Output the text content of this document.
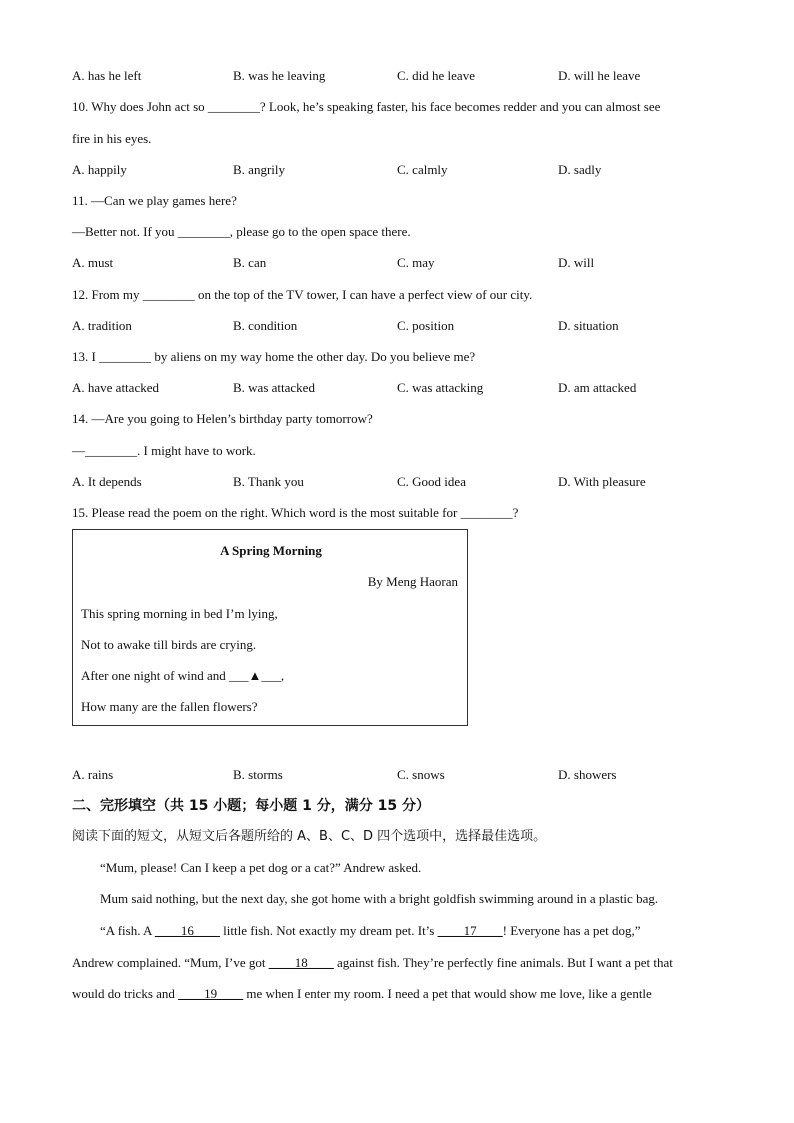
A. has he left	B. was he leaving	C. did he leave	D. will he leave
10. Why does John act so ________? Look, he’s speaking faster, his face becomes redder and you can almost see
fire in his eyes.
A. happily	B. angrily	C. calmly	D. sadly
11. —Can we play games here?
—Better not. If you ________, please go to the open space there.
A. must	B. can	C. may	D. will
12. From my ________ on the top of the TV tower, I can have a perfect view of our city.
A. tradition	B. condition	C. position	D. situation
13. I ________ by aliens on my way home the other day. Do you believe me?
A. have attacked	B. was attacked	C. was attacking	D. am attacked
14. —Are you going to Helen’s birthday party tomorrow?
—________. I might have to work.
A. It depends	B. Thank you	C. Good idea	D. With pleasure
15. Please read the poem on the right. Which word is the most suitable for ________?
A Spring Morning
By Meng Haoran
This spring morning in bed I’m lying,
Not to awake till birds are crying.
After one night of wind and ___▲___,
How many are the fallen flowers?
A. rains	B. storms	C. snows	D. showers
二、完形填空（共 15 小题；每小题 1 分，满分 15 分）
阅读下面的短文，从短文后各题所给的 A、B、C、D 四个选项中，选择最佳选项。
“Mum, please! Can I keep a pet dog or a cat?” Andrew asked.
Mum said nothing, but the next day, she got home with a bright goldfish swimming around in a plastic bag.
“A fish. A ____16____ little fish. Not exactly my dream pet. It’s ____17____! Everyone has a pet dog,”
Andrew complained. “Mum, I’ve got ____18____ against fish. They’re perfectly fine animals. But I want a pet that
would do tricks and ____19____ me when I enter my room. I need a pet that would show me love, like a gentle
